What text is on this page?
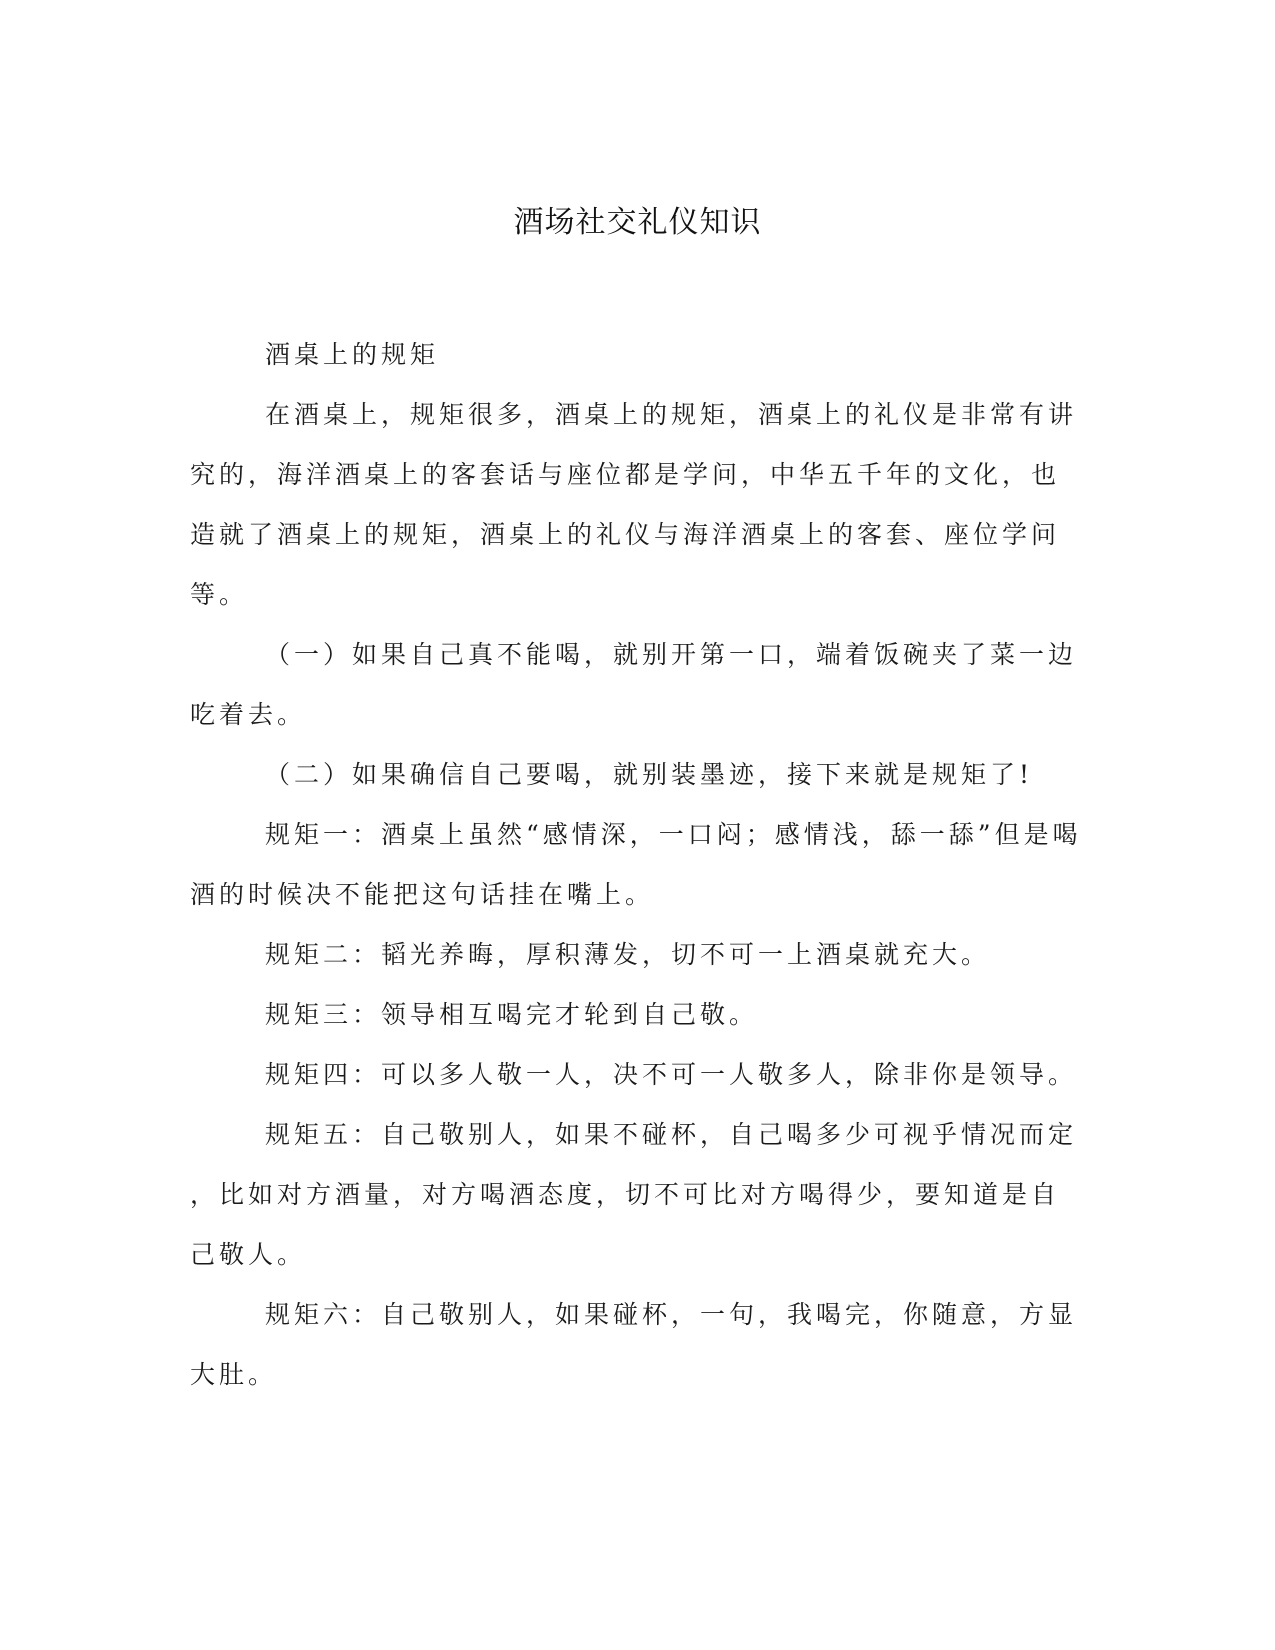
酒场社交礼仪知识

酒桌上的规矩

在酒桌上，规矩很多，酒桌上的规矩，酒桌上的礼仪是非常有讲

究的，海洋酒桌上的客套话与座位都是学问，中华五千年的文化，也

造就了酒桌上的规矩，酒桌上的礼仪与海洋酒桌上的客套、座位学问

等。

（一）如果自己真不能喝，就别开第一口，端着饭碗夹了菜一边

吃着去。

（二）如果确信自己要喝，就别装墨迹，接下来就是规矩了!

规矩一：酒桌上虽然“感情深，一口闷；感情浅，舔一舔”但是喝

酒的时候决不能把这句话挂在嘴上。

规矩二：韬光养晦，厚积薄发，切不可一上酒桌就充大。

规矩三：领导相互喝完才轮到自己敬。

规矩四：可以多人敬一人，决不可一人敬多人，除非你是领导。

规矩五：自己敬别人，如果不碰杯，自己喝多少可视乎情况而定

，比如对方酒量，对方喝酒态度，切不可比对方喝得少，要知道是自

己敬人。

规矩六：自己敬别人，如果碰杯，一句，我喝完，你随意，方显

大肚。
